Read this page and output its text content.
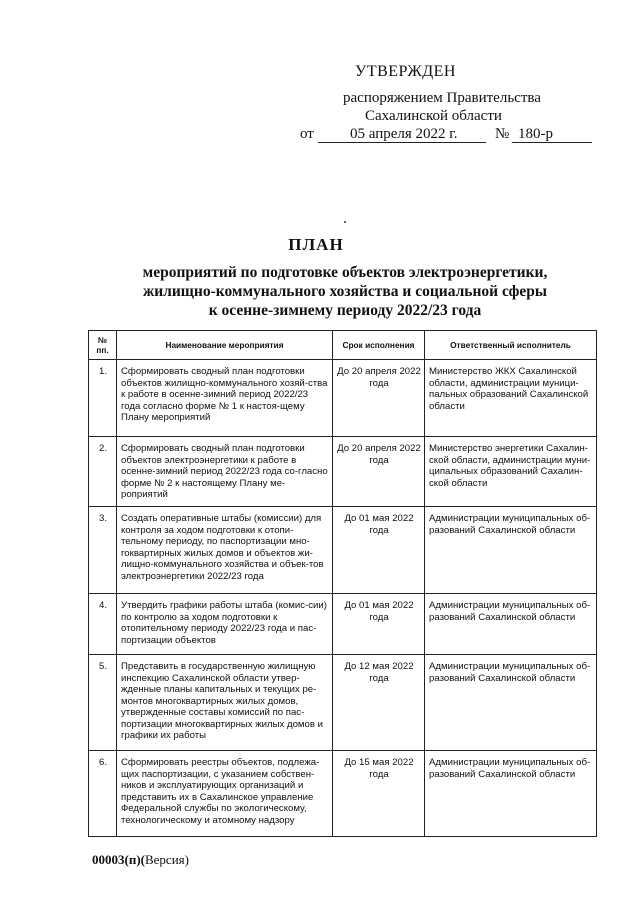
УТВЕРЖДЕН
распоряжением Правительства
Сахалинской области
от 05 апреля 2022 г.	№ 180-р
ПЛАН
мероприятий по подготовке объектов электроэнергетики,
жилищно-коммунального хозяйства и социальной сферы
к осенне-зимнему периоду 2022/23 года
№
пп.	Наименование мероприятия	Срок исполнения	Ответственный исполнитель
1.	Сформировать сводный план подготовки объектов жилищно-коммунального хозяй-ства к работе в осенне-зимний период 2022/23 года согласно форме № 1 к настоя-щему Плану мероприятий	До 20 апреля 2022 года	Министерство ЖКХ Сахалинской области, администрации муници-пальных образований Сахалинской области
2.	Сформировать сводный план подготовки объектов электроэнергетики к работе в осенне-зимний период 2022/23 года со-гласно форме № 2 к настоящему Плану ме-роприятий	До 20 апреля 2022 года	Министерство энергетики Сахалин-ской области, администрации муни-ципальных образований Сахалин-ской области
3.	Создать оперативные штабы (комиссии) для контроля за ходом подготовки к отопи-тельному периоду, по паспортизации мно-гоквартирных жилых домов и объектов жи-лищно-коммунального хозяйства и объек-тов электроэнергетики 2022/23 года	До 01 мая 2022 года	Администрации муниципальных об-разований Сахалинской области
4.	Утвердить графики работы штаба (комис-сии) по контролю за ходом подготовки к отопительному периоду 2022/23 года и пас-портизации объектов	До 01 мая 2022 года	Администрации муниципальных об-разований Сахалинской области
5.	Представить в государственную жилищную инспекцию Сахалинской области утвер-жденные планы капитальных и текущих ре-монтов многоквартирных жилых домов, утвержденные составы комиссий по пас-портизации многоквартирных жилых домов и графики их работы	До 12 мая 2022 года	Администрации муниципальных об-разований Сахалинской области
6.	Сформировать реестры объектов, подлежа-щих паспортизации, с указанием собствен-ников и эксплуатирующих организаций и представить их в Сахалинское управление Федеральной службы по экологическому, технологическому и атомному надзору	До 15 мая 2022 года	Администрации муниципальных об-разований Сахалинской области
00003(п)(Версия)
